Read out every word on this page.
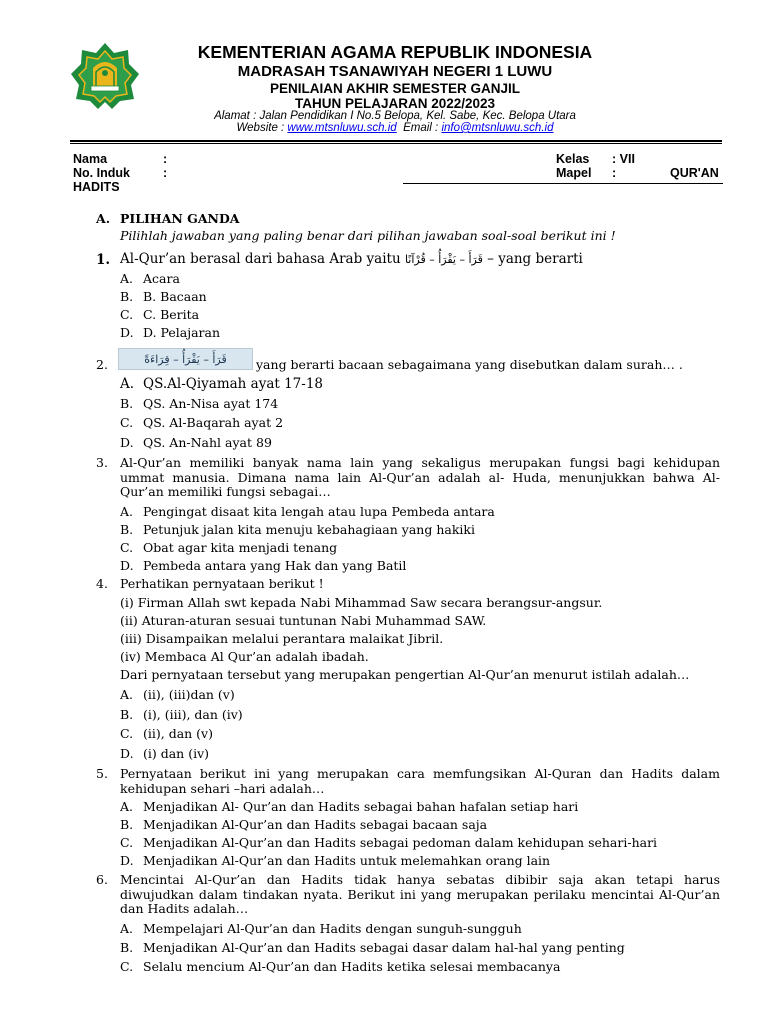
KEMENTERIAN AGAMA REPUBLIK INDONESIA
MADRASAH TSANAWIYAH NEGERI 1 LUWU
PENILAIAN AKHIR SEMESTER GANJIL
TAHUN PELAJARAN 2022/2023
Alamat : Jalan Pendidikan I No.5 Belopa, Kel. Sabe, Kec. Belopa Utara
Website : www.mtsnluwu.sch.id  Email : info@mtsnluwu.sch.id
Nama	:
No. Induk	:
HADITS
Kelas : VII
Mapel :	QUR'AN
A. PILIHAN GANDA
Pilihlah jawaban yang paling benar dari pilihan jawaban soal-soal berikut ini !
1. Al-Qur’an berasal dari bahasa Arab yaitu قَرَأَ – يَقْرَأُ – قُرْآنًا – yang berarti
A. Acara
B. B. Bacaan
C. C. Berita
D. D. Pelajaran
2.	قَرَأَ – يَقْرَأُ – قِرَاءَةً	yang berarti bacaan sebagaimana yang disebutkan dalam surah… .
A. QS.Al-Qiyamah ayat 17-18
B. QS. An-Nisa ayat 174
C. QS. Al-Baqarah ayat 2
D. QS. An-Nahl ayat 89
3. Al-Qur’an memiliki banyak nama lain yang sekaligus merupakan fungsi bagi kehidupan ummat manusia. Dimana nama lain Al-Qur’an adalah al- Huda, menunjukkan bahwa Al- Qur’an memiliki fungsi sebagai…
A. Pengingat disaat kita lengah atau lupa Pembeda antara
B. Petunjuk jalan kita menuju kebahagiaan yang hakiki
C. Obat agar kita menjadi tenang
D. Pembeda antara yang Hak dan yang Batil
4. Perhatikan pernyataan berikut !
(i) Firman Allah swt kepada Nabi Mihammad Saw secara berangsur-angsur.
(ii) Aturan-aturan sesuai tuntunan Nabi Muhammad SAW.
(iii) Disampaikan melalui perantara malaikat Jibril.
(iv) Membaca Al Qur’an adalah ibadah.
Dari pernyataan tersebut yang merupakan pengertian Al-Qur’an menurut istilah adalah…
A. (ii), (iii)dan (v)
B. (i), (iii), dan (iv)
C. (ii), dan (v)
D. (i) dan (iv)
5. Pernyataan berikut ini yang merupakan cara memfungsikan Al-Quran dan Hadits dalam kehidupan sehari –hari adalah…
A. Menjadikan Al- Qur’an dan Hadits sebagai bahan hafalan setiap hari
B. Menjadikan Al-Qur’an dan Hadits sebagai bacaan saja
C. Menjadikan Al-Qur’an dan Hadits sebagai pedoman dalam kehidupan sehari-hari
D. Menjadikan Al-Qur’an dan Hadits untuk melemahkan orang lain
6. Mencintai Al-Qur’an dan Hadits tidak hanya sebatas dibibir saja akan tetapi harus diwujudkan dalam tindakan nyata. Berikut ini yang merupakan perilaku mencintai Al-Qur’an dan Hadits adalah…
A. Mempelajari Al-Qur’an dan Hadits dengan sunguh-sungguh
B. Menjadikan Al-Qur’an dan Hadits sebagai dasar dalam hal-hal yang penting
C. Selalu mencium Al-Qur’an dan Hadits ketika selesai membacanya
